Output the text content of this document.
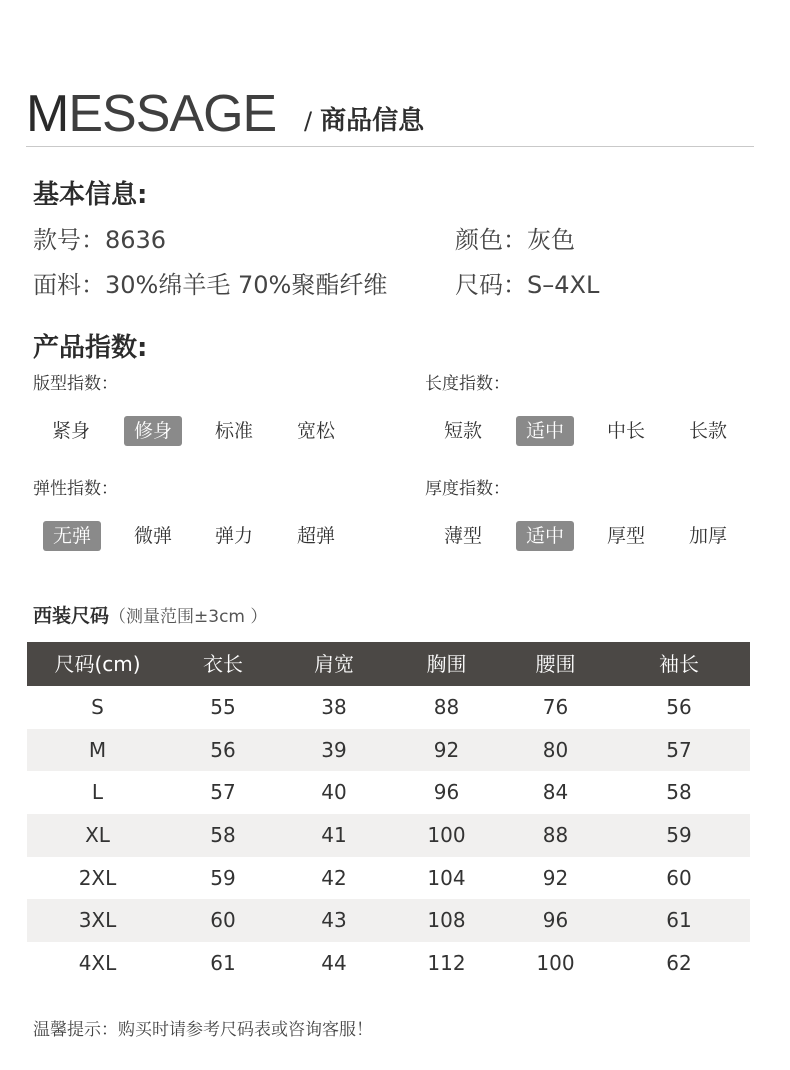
MESSAGE / 商品信息
基本信息:
款号：8636	颜色：灰色
面料：30%绵羊毛 70%聚酯纤维	尺码：S–4XL
产品指数:
版型指数：
紧身	修身	标准	宽松
长度指数：
短款	适中	中长	长款
弹性指数：
无弹	微弹	弹力	超弹
厚度指数：
薄型	适中	厚型	加厚
西装尺码（测量范围±3cm ）
尺码(cm)	衣长	肩宽	胸围	腰围	袖长
S	55	38	88	76	56
M	56	39	92	80	57
L	57	40	96	84	58
XL	58	41	100	88	59
2XL	59	42	104	92	60
3XL	60	43	108	96	61
4XL	61	44	112	100	62
温馨提示：购买时请参考尺码表或咨询客服！
